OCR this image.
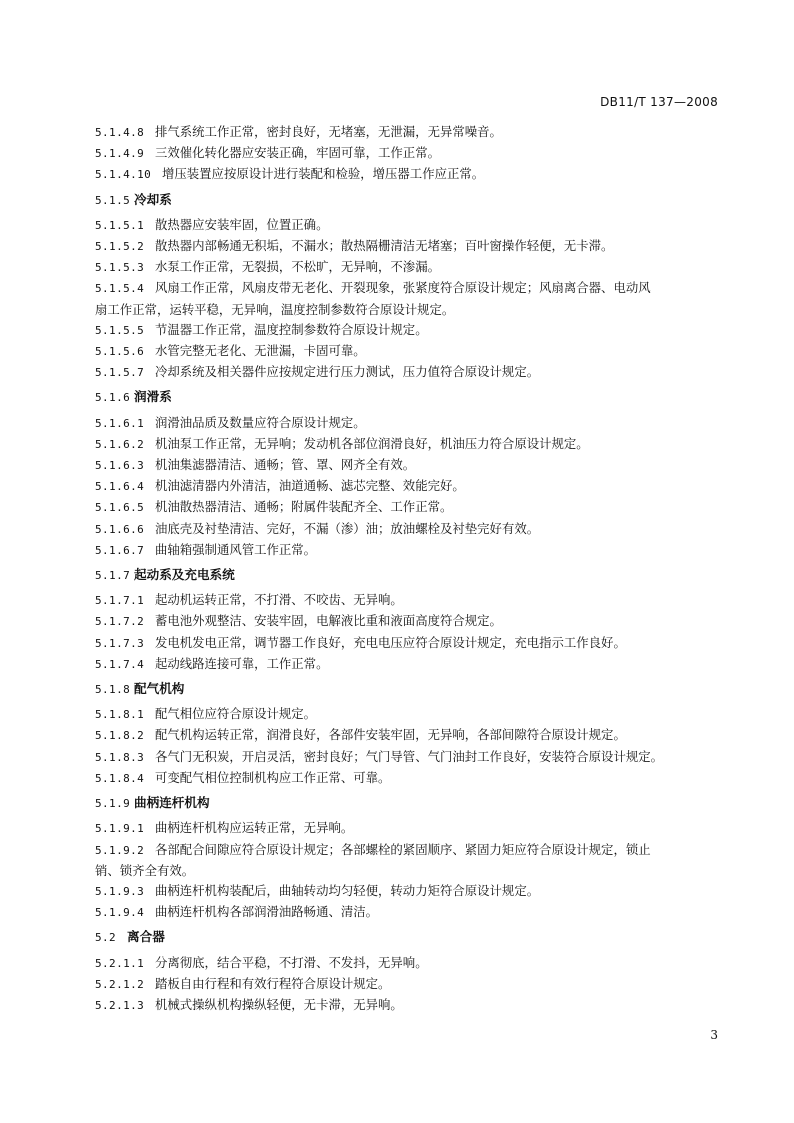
DB11/T 137—2008
5.1.4.8 排气系统工作正常，密封良好，无堵塞，无泄漏，无异常噪音。
5.1.4.9 三效催化转化器应安装正确，牢固可靠，工作正常。
5.1.4.10 增压装置应按原设计进行装配和检验，增压器工作应正常。
5.1.5 冷却系
5.1.5.1 散热器应安装牢固，位置正确。
5.1.5.2 散热器内部畅通无积垢，不漏水；散热隔栅清洁无堵塞；百叶窗操作轻便，无卡滞。
5.1.5.3 水泵工作正常，无裂损，不松旷，无异响，不渗漏。
5.1.5.4 风扇工作正常，风扇皮带无老化、开裂现象，张紧度符合原设计规定；风扇离合器、电动风
扇工作正常，运转平稳，无异响，温度控制参数符合原设计规定。
5.1.5.5 节温器工作正常，温度控制参数符合原设计规定。
5.1.5.6 水管完整无老化、无泄漏，卡固可靠。
5.1.5.7 冷却系统及相关器件应按规定进行压力测试，压力值符合原设计规定。
5.1.6 润滑系
5.1.6.1 润滑油品质及数量应符合原设计规定。
5.1.6.2 机油泵工作正常，无异响；发动机各部位润滑良好，机油压力符合原设计规定。
5.1.6.3 机油集滤器清洁、通畅；管、罩、网齐全有效。
5.1.6.4 机油滤清器内外清洁，油道通畅、滤芯完整、效能完好。
5.1.6.5 机油散热器清洁、通畅；附属件装配齐全、工作正常。
5.1.6.6 油底壳及衬垫清洁、完好，不漏（渗）油；放油螺栓及衬垫完好有效。
5.1.6.7 曲轴箱强制通风管工作正常。
5.1.7 起动系及充电系统
5.1.7.1 起动机运转正常，不打滑、不咬齿、无异响。
5.1.7.2 蓄电池外观整洁、安装牢固，电解液比重和液面高度符合规定。
5.1.7.3 发电机发电正常，调节器工作良好，充电电压应符合原设计规定，充电指示工作良好。
5.1.7.4 起动线路连接可靠，工作正常。
5.1.8 配气机构
5.1.8.1 配气相位应符合原设计规定。
5.1.8.2 配气机构运转正常，润滑良好，各部件安装牢固，无异响，各部间隙符合原设计规定。
5.1.8.3 各气门无积炭，开启灵活，密封良好；气门导管、气门油封工作良好，安装符合原设计规定。
5.1.8.4 可变配气相位控制机构应工作正常、可靠。
5.1.9 曲柄连杆机构
5.1.9.1 曲柄连杆机构应运转正常，无异响。
5.1.9.2 各部配合间隙应符合原设计规定；各部螺栓的紧固顺序、紧固力矩应符合原设计规定，锁止
销、锁齐全有效。
5.1.9.3 曲柄连杆机构装配后，曲轴转动均匀轻便，转动力矩符合原设计规定。
5.1.9.4 曲柄连杆机构各部润滑油路畅通、清洁。
5.2 离合器
5.2.1.1 分离彻底，结合平稳，不打滑、不发抖，无异响。
5.2.1.2 踏板自由行程和有效行程符合原设计规定。
5.2.1.3 机械式操纵机构操纵轻便，无卡滞，无异响。
3
